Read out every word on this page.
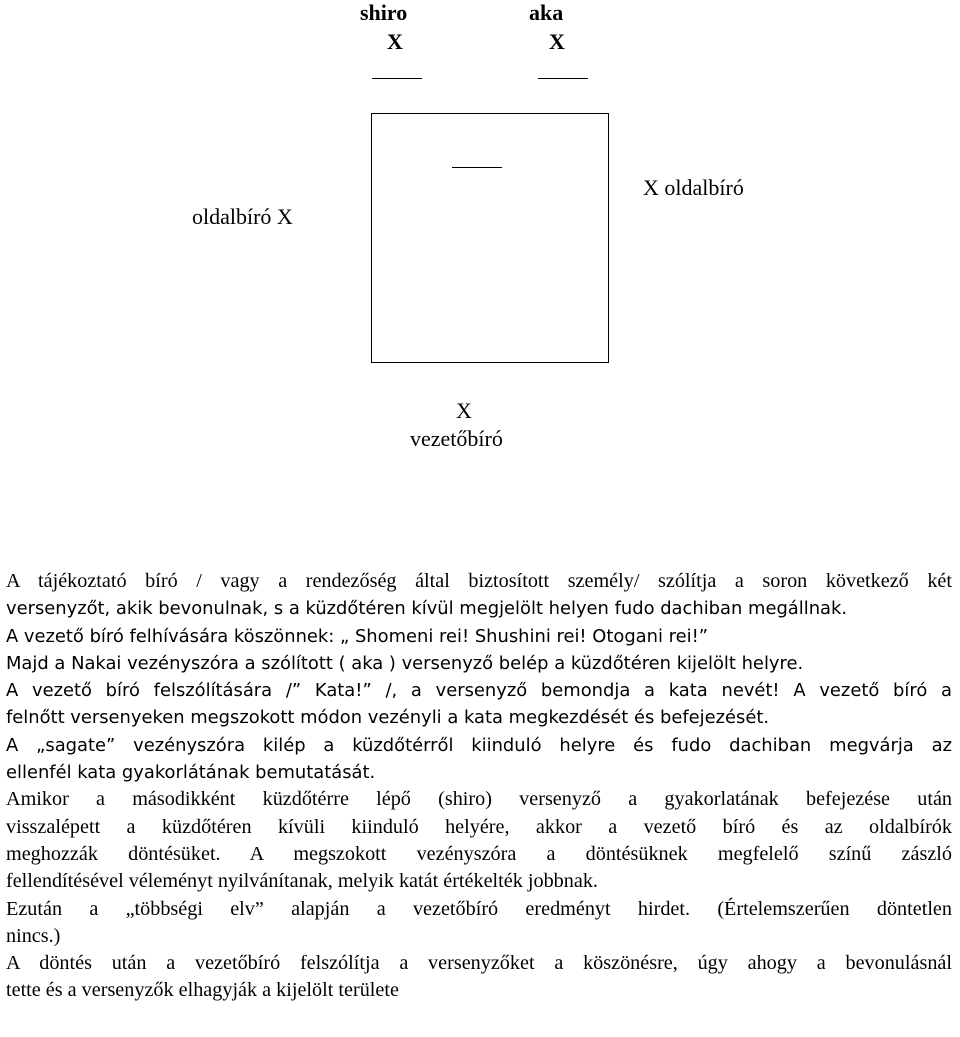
shiro	aka
X	X
oldalbíró X
X oldalbíró
X
vezetőbíró
A tájékoztató bíró / vagy a rendezőség által biztosított személy/ szólítja a soron következő két
versenyzőt, akik bevonulnak, s a küzdőtéren kívül megjelölt helyen fudo dachiban megállnak.
A vezető bíró felhívására köszönnek: „ Shomeni rei! Shushini rei! Otogani rei!”
Majd a Nakai vezényszóra a szólított ( aka ) versenyző belép a küzdőtéren kijelölt helyre.
A vezető bíró felszólítására /” Kata!” /, a versenyző bemondja a kata nevét! A vezető bíró a
felnőtt versenyeken megszokott módon vezényli a kata megkezdését és befejezését.
A „sagate” vezényszóra kilép a küzdőtérről kiinduló helyre és fudo dachiban megvárja az
ellenfél kata gyakorlátának bemutatását.
Amikor a másodikként küzdőtérre lépő (shiro) versenyző a gyakorlatának befejezése után
visszalépett a küzdőtéren kívüli kiinduló helyére, akkor a vezető bíró és az oldalbírók
meghozzák döntésüket. A megszokott vezényszóra a döntésüknek megfelelő színű zászló
fellendítésével véleményt nyilvánítanak, melyik katát értékelték jobbnak.
Ezután a „többségi elv” alapján a vezetőbíró eredményt hirdet. (Értelemszerűen döntetlen
nincs.)
A döntés után a vezetőbíró felszólítja a versenyzőket a köszönésre, úgy ahogy a bevonulásnál
tette és a versenyzők elhagyják a kijelölt területe
